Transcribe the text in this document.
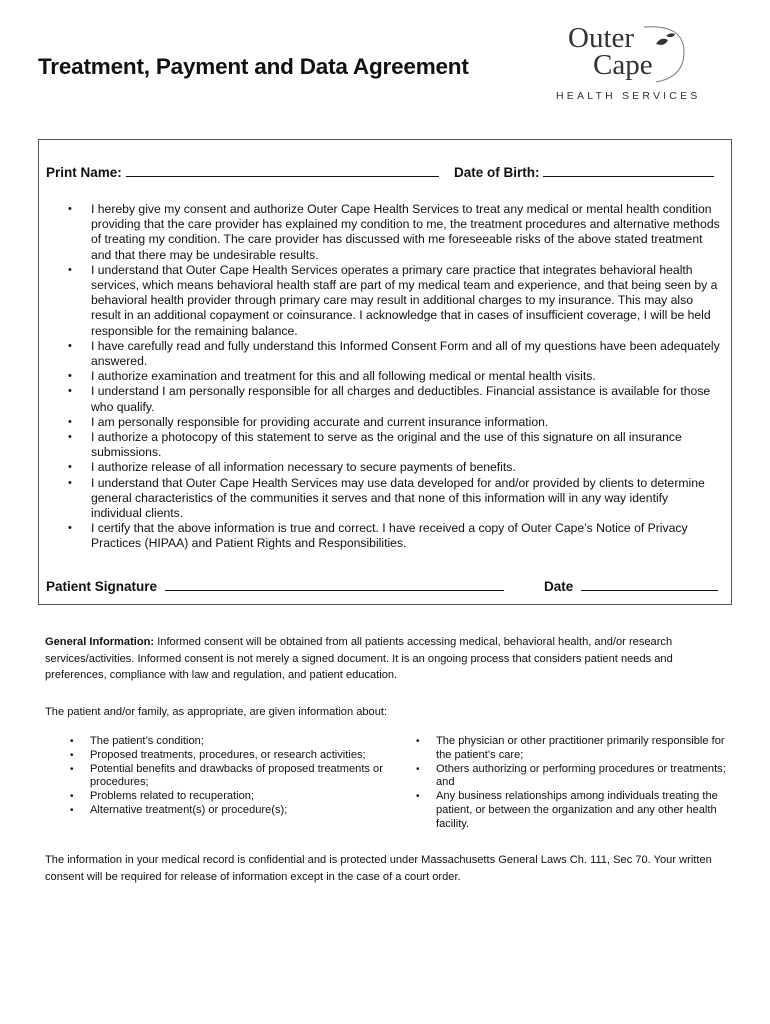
Treatment, Payment and Data Agreement
Outer
Cape
HEALTH SERVICES
Print Name:	Date of Birth:
• I hereby give my consent and authorize Outer Cape Health Services to treat any medical or mental health condition providing that the care provider has explained my condition to me, the treatment procedures and alternative methods of treating my condition. The care provider has discussed with me foreseeable risks of the above stated treatment and that there may be undesirable results.
• I understand that Outer Cape Health Services operates a primary care practice that integrates behavioral health services, which means behavioral health staff are part of my medical team and experience, and that being seen by a behavioral health provider through primary care may result in additional charges to my insurance. This may also result in an additional copayment or coinsurance. I acknowledge that in cases of insufficient coverage, I will be held responsible for the remaining balance.
• I have carefully read and fully understand this Informed Consent Form and all of my questions have been adequately answered.
• I authorize examination and treatment for this and all following medical or mental health visits.
• I understand I am personally responsible for all charges and deductibles. Financial assistance is available for those who qualify.
• I am personally responsible for providing accurate and current insurance information.
• I authorize a photocopy of this statement to serve as the original and the use of this signature on all insurance submissions.
• I authorize release of all information necessary to secure payments of benefits.
• I understand that Outer Cape Health Services may use data developed for and/or provided by clients to determine general characteristics of the communities it serves and that none of this information will in any way identify individual clients.
• I certify that the above information is true and correct. I have received a copy of Outer Cape’s Notice of Privacy Practices (HIPAA) and Patient Rights and Responsibilities.
Patient Signature	Date
General Information: Informed consent will be obtained from all patients accessing medical, behavioral health, and/or research services/activities. Informed consent is not merely a signed document. It is an ongoing process that considers patient needs and preferences, compliance with law and regulation, and patient education.
The patient and/or family, as appropriate, are given information about:
• The patient’s condition;
• Proposed treatments, procedures, or research activities;
• Potential benefits and drawbacks of proposed treatments or procedures;
• Problems related to recuperation;
• Alternative treatment(s) or procedure(s);
• The physician or other practitioner primarily responsible for the patient’s care;
• Others authorizing or performing procedures or treatments; and
• Any business relationships among individuals treating the patient, or between the organization and any other health facility.
The information in your medical record is confidential and is protected under Massachusetts General Laws Ch. 111, Sec 70. Your written consent will be required for release of information except in the case of a court order.
